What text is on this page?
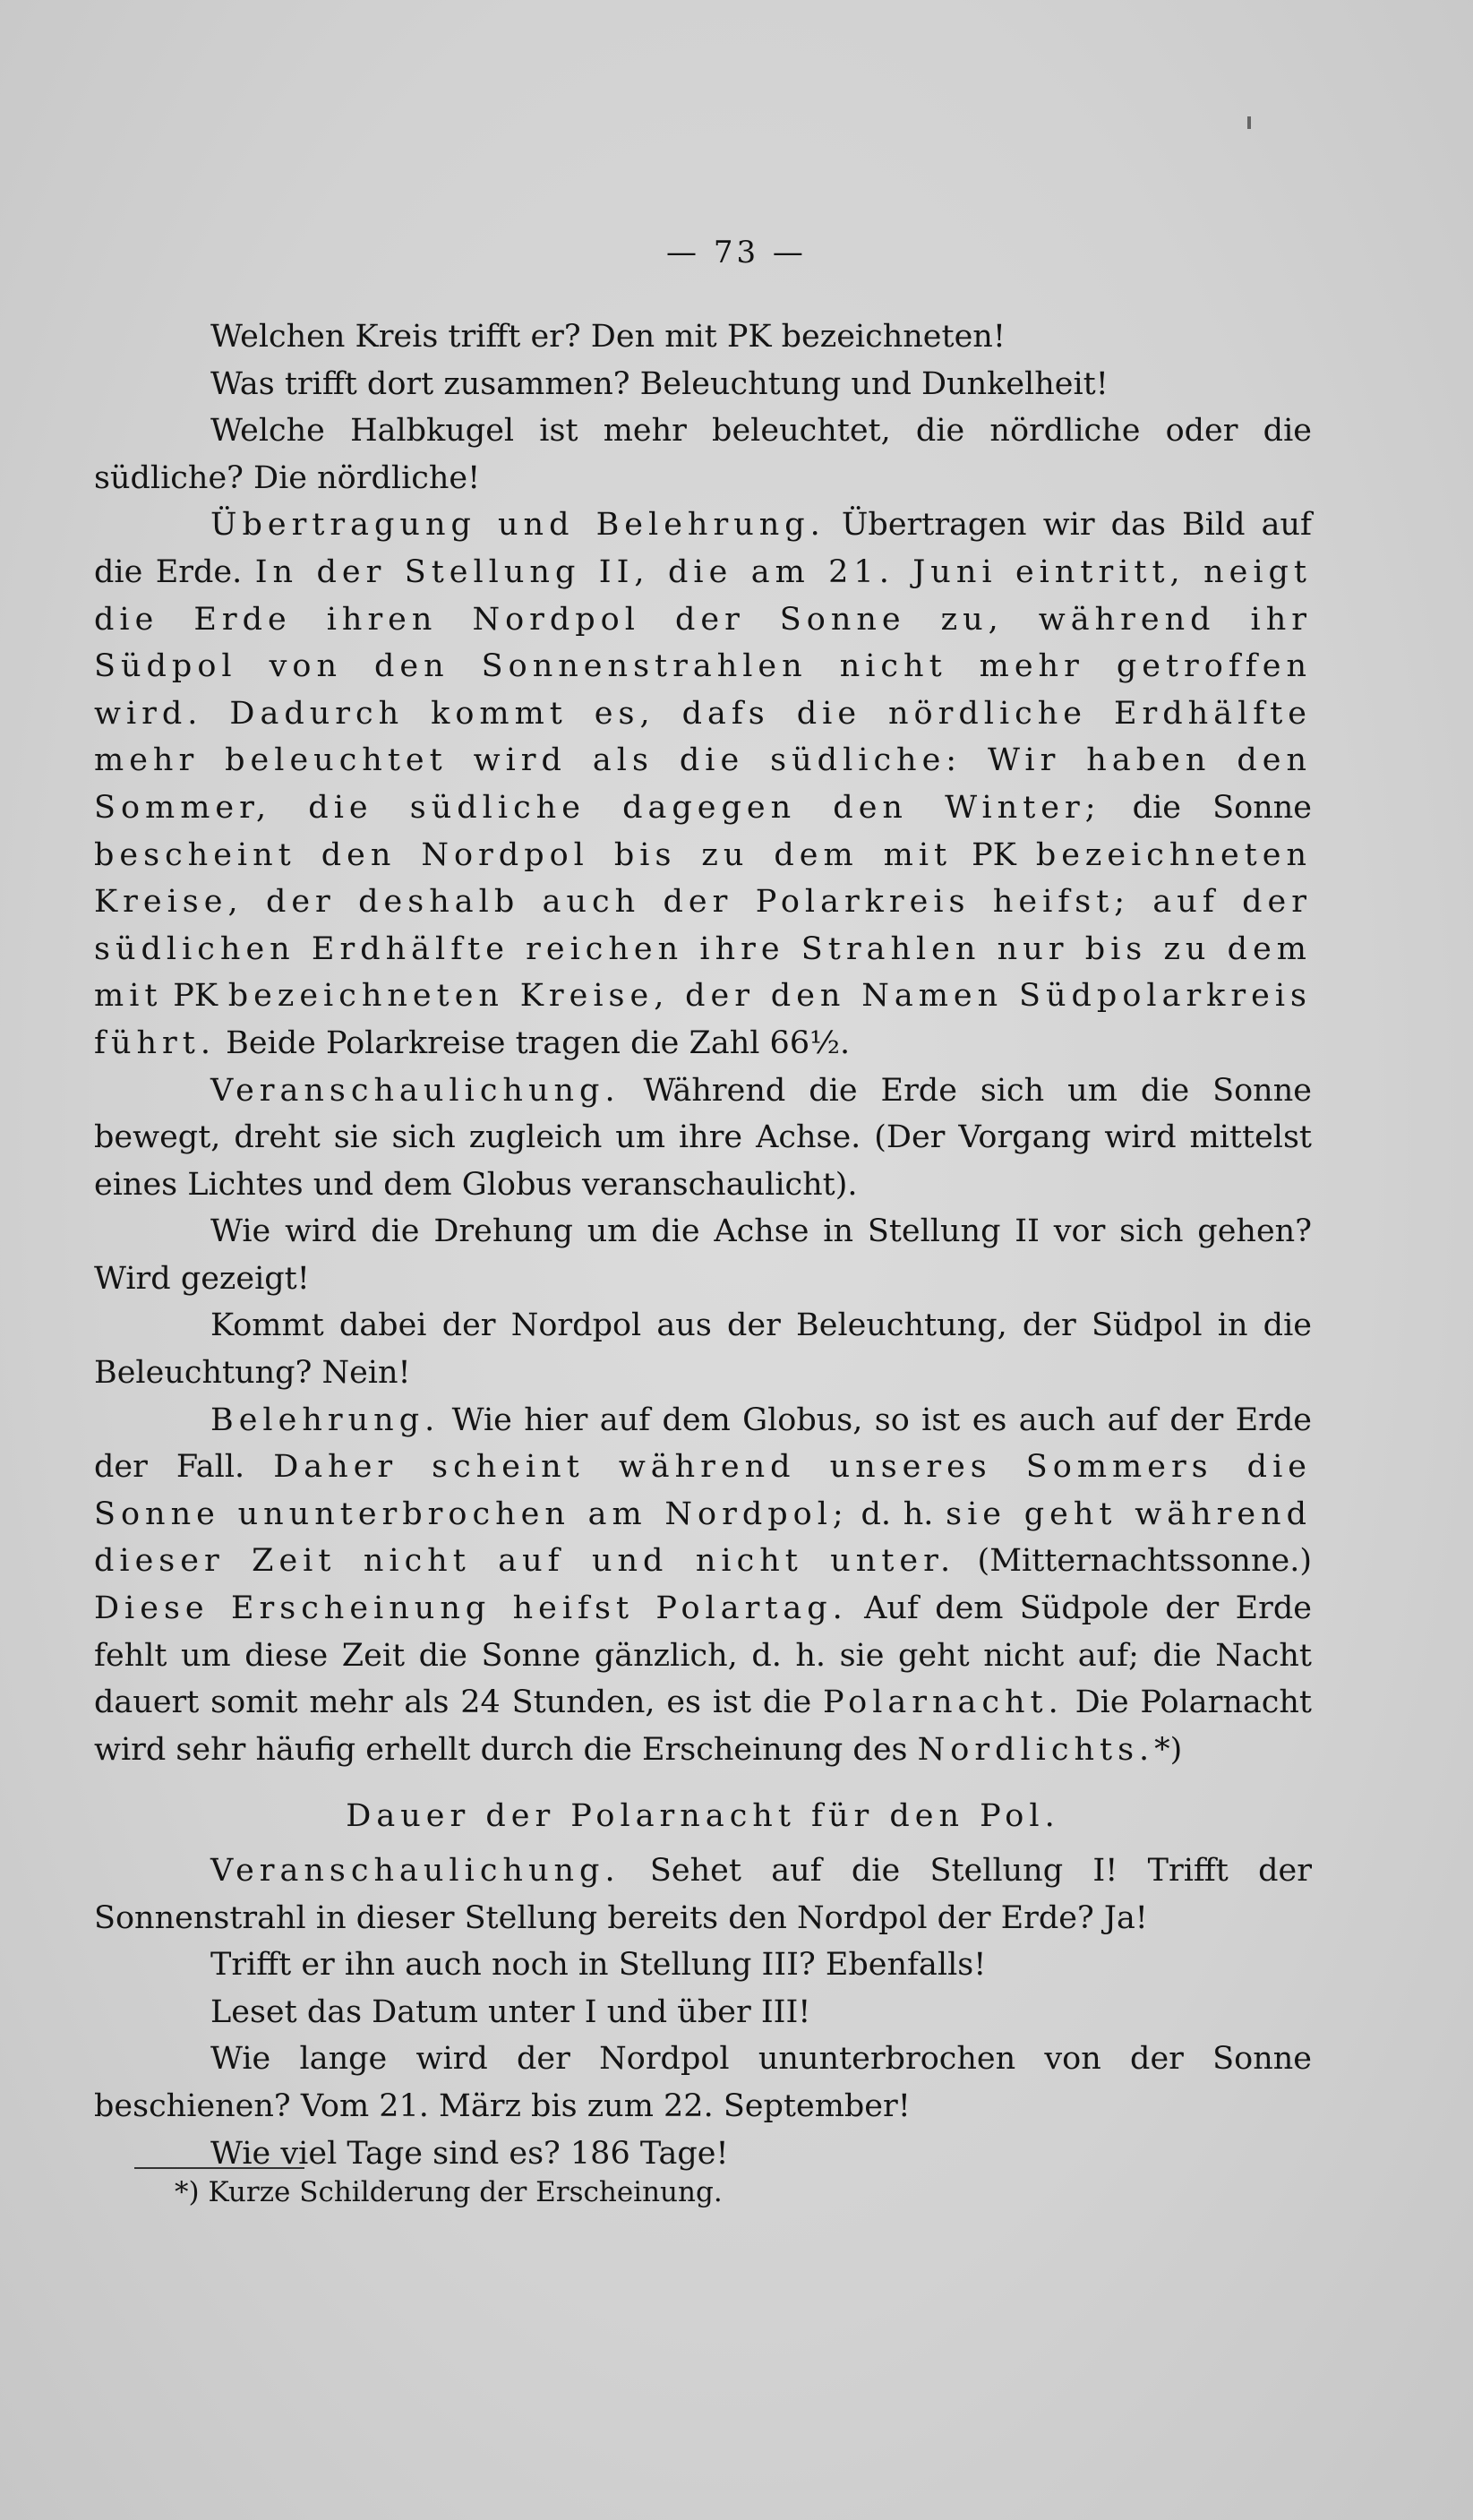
— 73 —

Welchen Kreis trifft er? Den mit PK bezeichneten!

Was trifft dort zusammen? Beleuchtung und Dunkelheit!

Welche Halbkugel ist mehr beleuchtet, die nördliche oder die südliche? Die nördliche!

Übertragung und Belehrung. Übertragen wir das Bild auf die Erde. In der Stellung II, die am 21. Juni eintritt, neigt die Erde ihren Nordpol der Sonne zu, während ihr Südpol von den Sonnenstrahlen nicht mehr getroffen wird. Dadurch kommt es, dafs die nördliche Erdhälfte mehr beleuchtet wird als die südliche: Wir haben den Sommer, die südliche dagegen den Winter; die Sonne bescheint den Nordpol bis zu dem mit PK bezeichneten Kreise, der deshalb auch der Polarkreis heifst; auf der südlichen Erdhälfte reichen ihre Strahlen nur bis zu dem mit PK bezeichneten Kreise, der den Namen Südpolarkreis führt. Beide Polarkreise tragen die Zahl 66½.

Veranschaulichung. Während die Erde sich um die Sonne bewegt, dreht sie sich zugleich um ihre Achse. (Der Vorgang wird mittelst eines Lichtes und dem Globus veranschaulicht).

Wie wird die Drehung um die Achse in Stellung II vor sich gehen? Wird gezeigt!

Kommt dabei der Nordpol aus der Beleuchtung, der Südpol in die Beleuchtung? Nein!

Belehrung. Wie hier auf dem Globus, so ist es auch auf der Erde der Fall. Daher scheint während unseres Sommers die Sonne ununterbrochen am Nordpol; d. h. sie geht während dieser Zeit nicht auf und nicht unter. (Mitternachtssonne.) Diese Erscheinung heifst Polartag. Auf dem Südpole der Erde fehlt um diese Zeit die Sonne gänzlich, d. h. sie geht nicht auf; die Nacht dauert somit mehr als 24 Stunden, es ist die Polarnacht. Die Polarnacht wird sehr häufig erhellt durch die Erscheinung des Nordlichts.*)

Dauer der Polarnacht für den Pol.

Veranschaulichung. Sehet auf die Stellung I! Trifft der Sonnenstrahl in dieser Stellung bereits den Nordpol der Erde? Ja!

Trifft er ihn auch noch in Stellung III? Ebenfalls!

Leset das Datum unter I und über III!

Wie lange wird der Nordpol ununterbrochen von der Sonne beschienen? Vom 21. März bis zum 22. September!

Wie viel Tage sind es? 186 Tage!

*) Kurze Schilderung der Erscheinung.
